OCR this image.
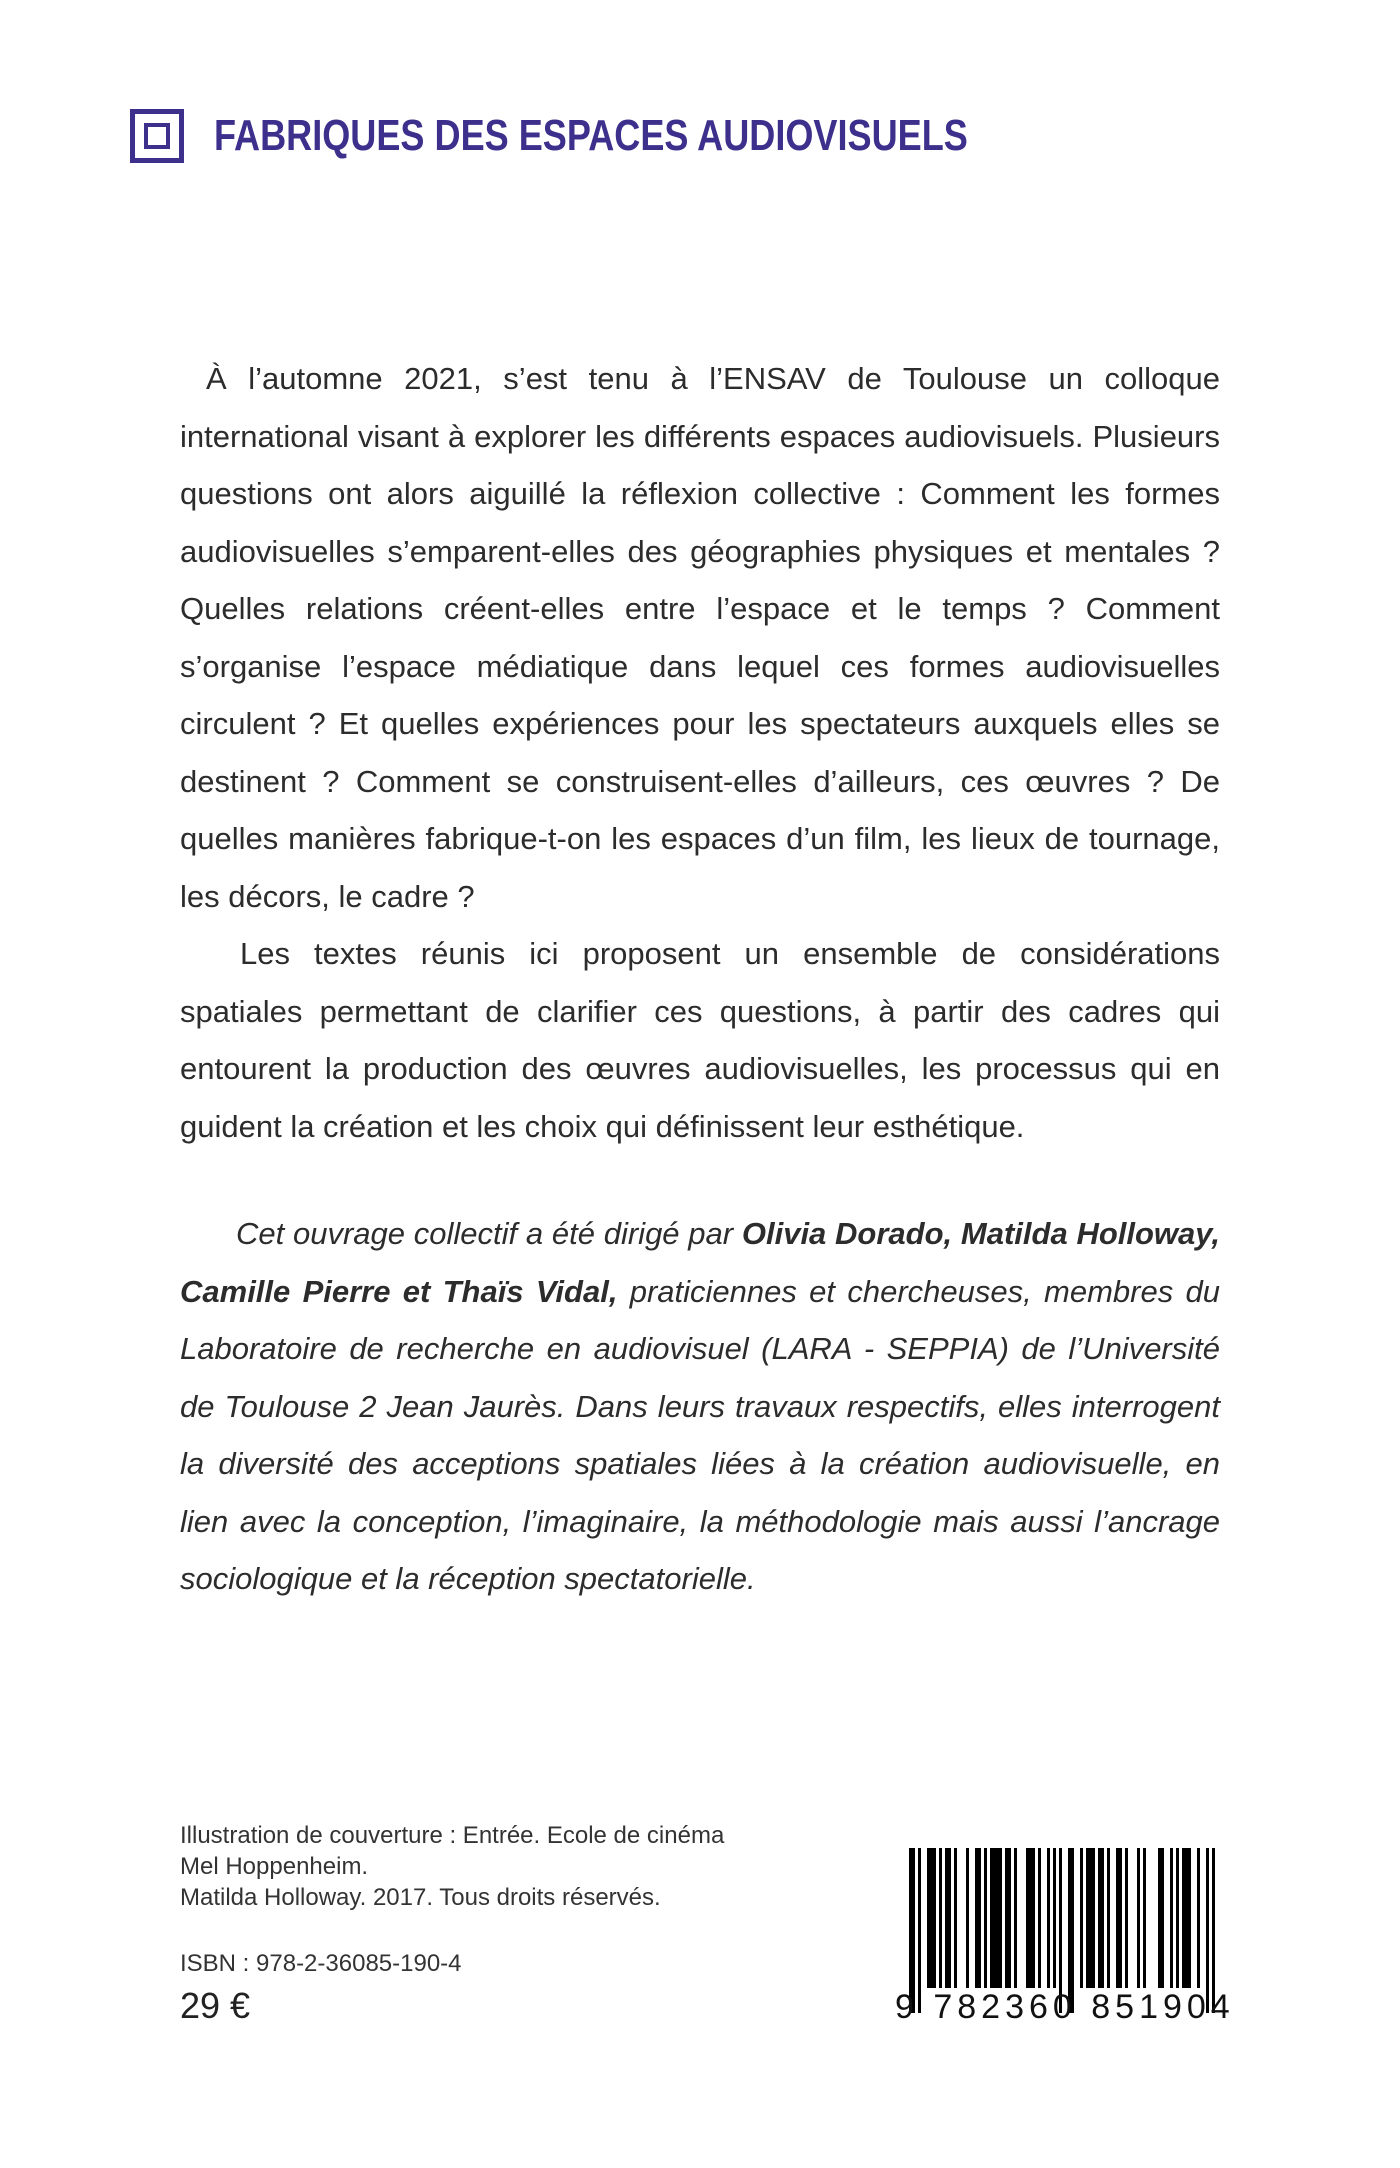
FABRIQUES DES ESPACES AUDIOVISUELS

À l’automne 2021, s’est tenu à l’ENSAV de Toulouse un colloque international visant à explorer les différents espaces audiovisuels. Plusieurs questions ont alors aiguillé la réflexion collective : Comment les formes audiovisuelles s’emparent-elles des géographies physiques et mentales ? Quelles relations créent-elles entre l’espace et le temps ? Comment s’organise l’espace médiatique dans lequel ces formes audiovisuelles circulent ? Et quelles expériences pour les spectateurs auxquels elles se destinent ? Comment se construisent-elles d’ailleurs, ces œuvres ? De quelles manières fabrique-t-on les espaces d’un film, les lieux de tournage, les décors, le cadre ?

Les textes réunis ici proposent un ensemble de considérations spatiales permettant de clarifier ces questions, à partir des cadres qui entourent la production des œuvres audiovisuelles, les processus qui en guident la création et les choix qui définissent leur esthétique.

Cet ouvrage collectif a été dirigé par Olivia Dorado, Matilda Holloway, Camille Pierre et Thaïs Vidal, praticiennes et chercheuses, membres du Laboratoire de recherche en audiovisuel (LARA - SEPPIA) de l’Université de Toulouse 2 Jean Jaurès. Dans leurs travaux respectifs, elles interrogent la diversité des acceptions spatiales liées à la création audiovisuelle, en lien avec la conception, l’imaginaire, la méthodologie mais aussi l’ancrage sociologique et la réception spectatorielle.

Illustration de couverture : Entrée. Ecole de cinéma
Mel Hoppenheim.
Matilda Holloway. 2017. Tous droits réservés.
ISBN : 978-2-36085-190-4
29 €	9 782360 851904
